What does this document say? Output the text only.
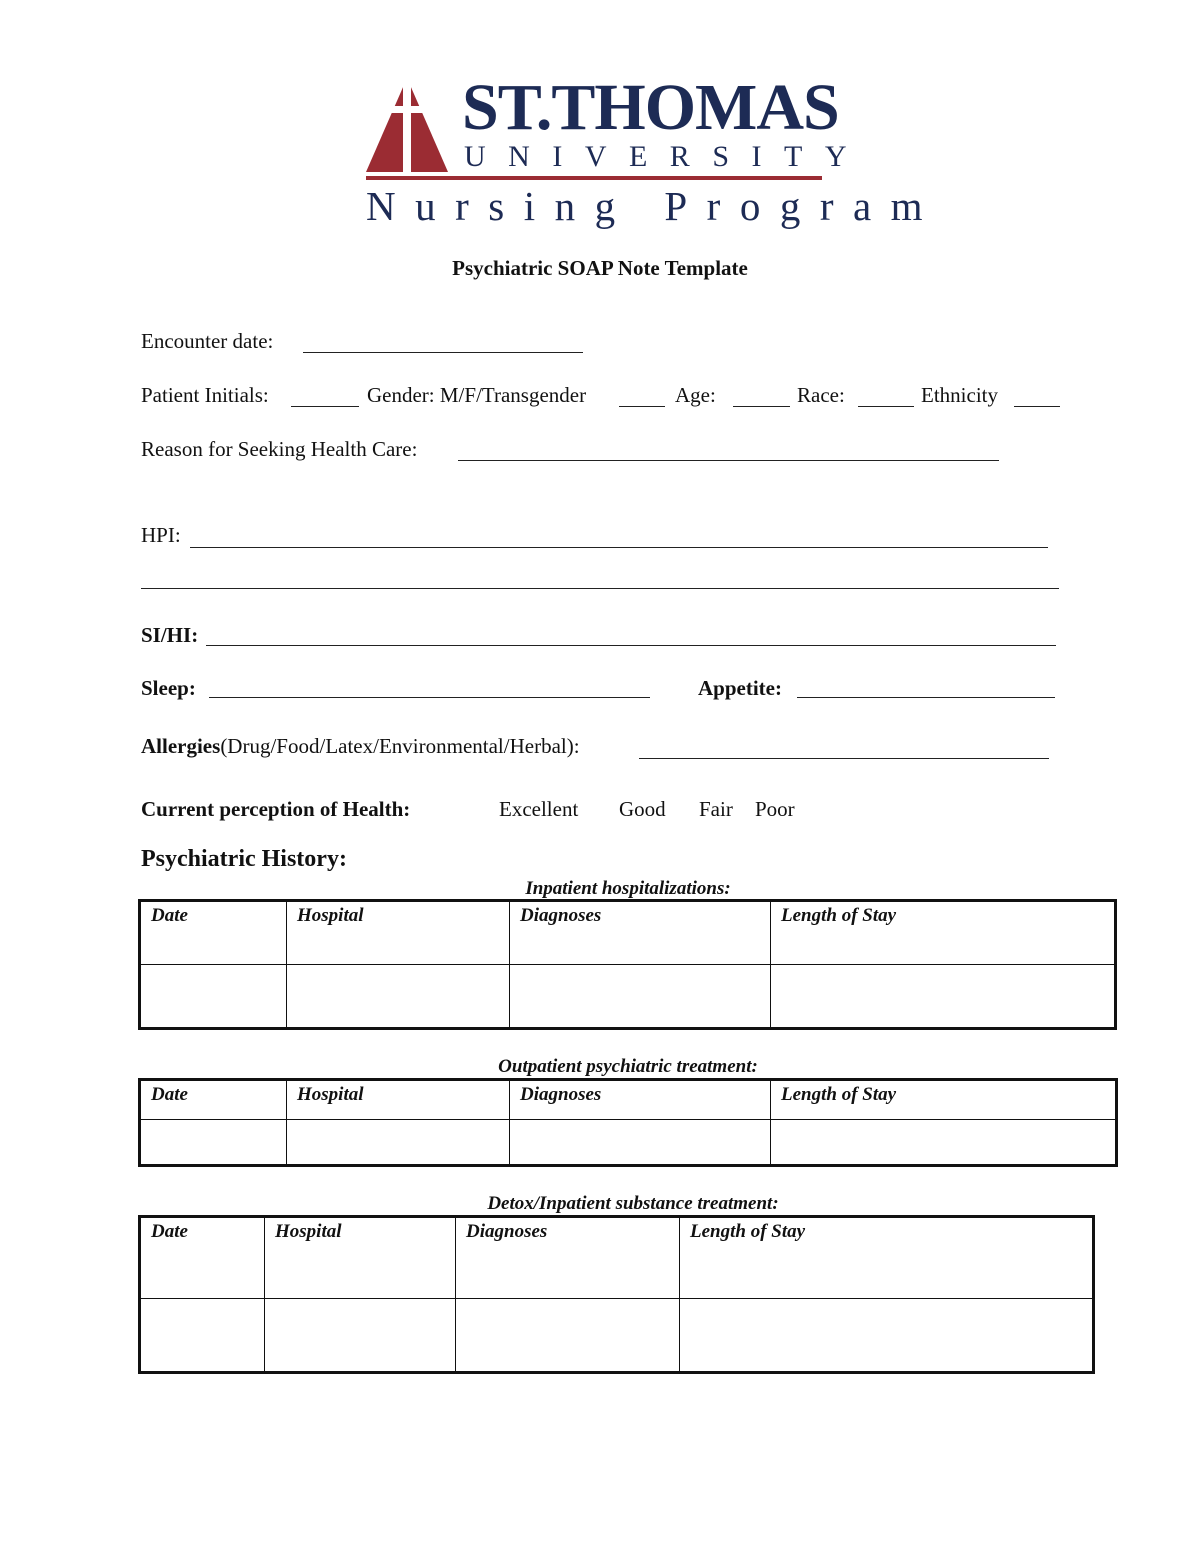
ST.THOMAS
UNIVERSITY
Nursing Program
Psychiatric SOAP Note Template
Encounter date:
Patient Initials:	Gender: M/F/Transgender	Age:	Race:	Ethnicity
Reason for Seeking Health Care:
HPI:
SI/HI:
Sleep:	Appetite:
Allergies(Drug/Food/Latex/Environmental/Herbal):
Current perception of Health:	Excellent Good Fair Poor
Psychiatric History:
Inpatient hospitalizations:
Date	Hospital	Diagnoses	Length of Stay

Outpatient psychiatric treatment:
Date	Hospital	Diagnoses	Length of Stay

Detox/Inpatient substance treatment:
Date	Hospital	Diagnoses	Length of Stay
